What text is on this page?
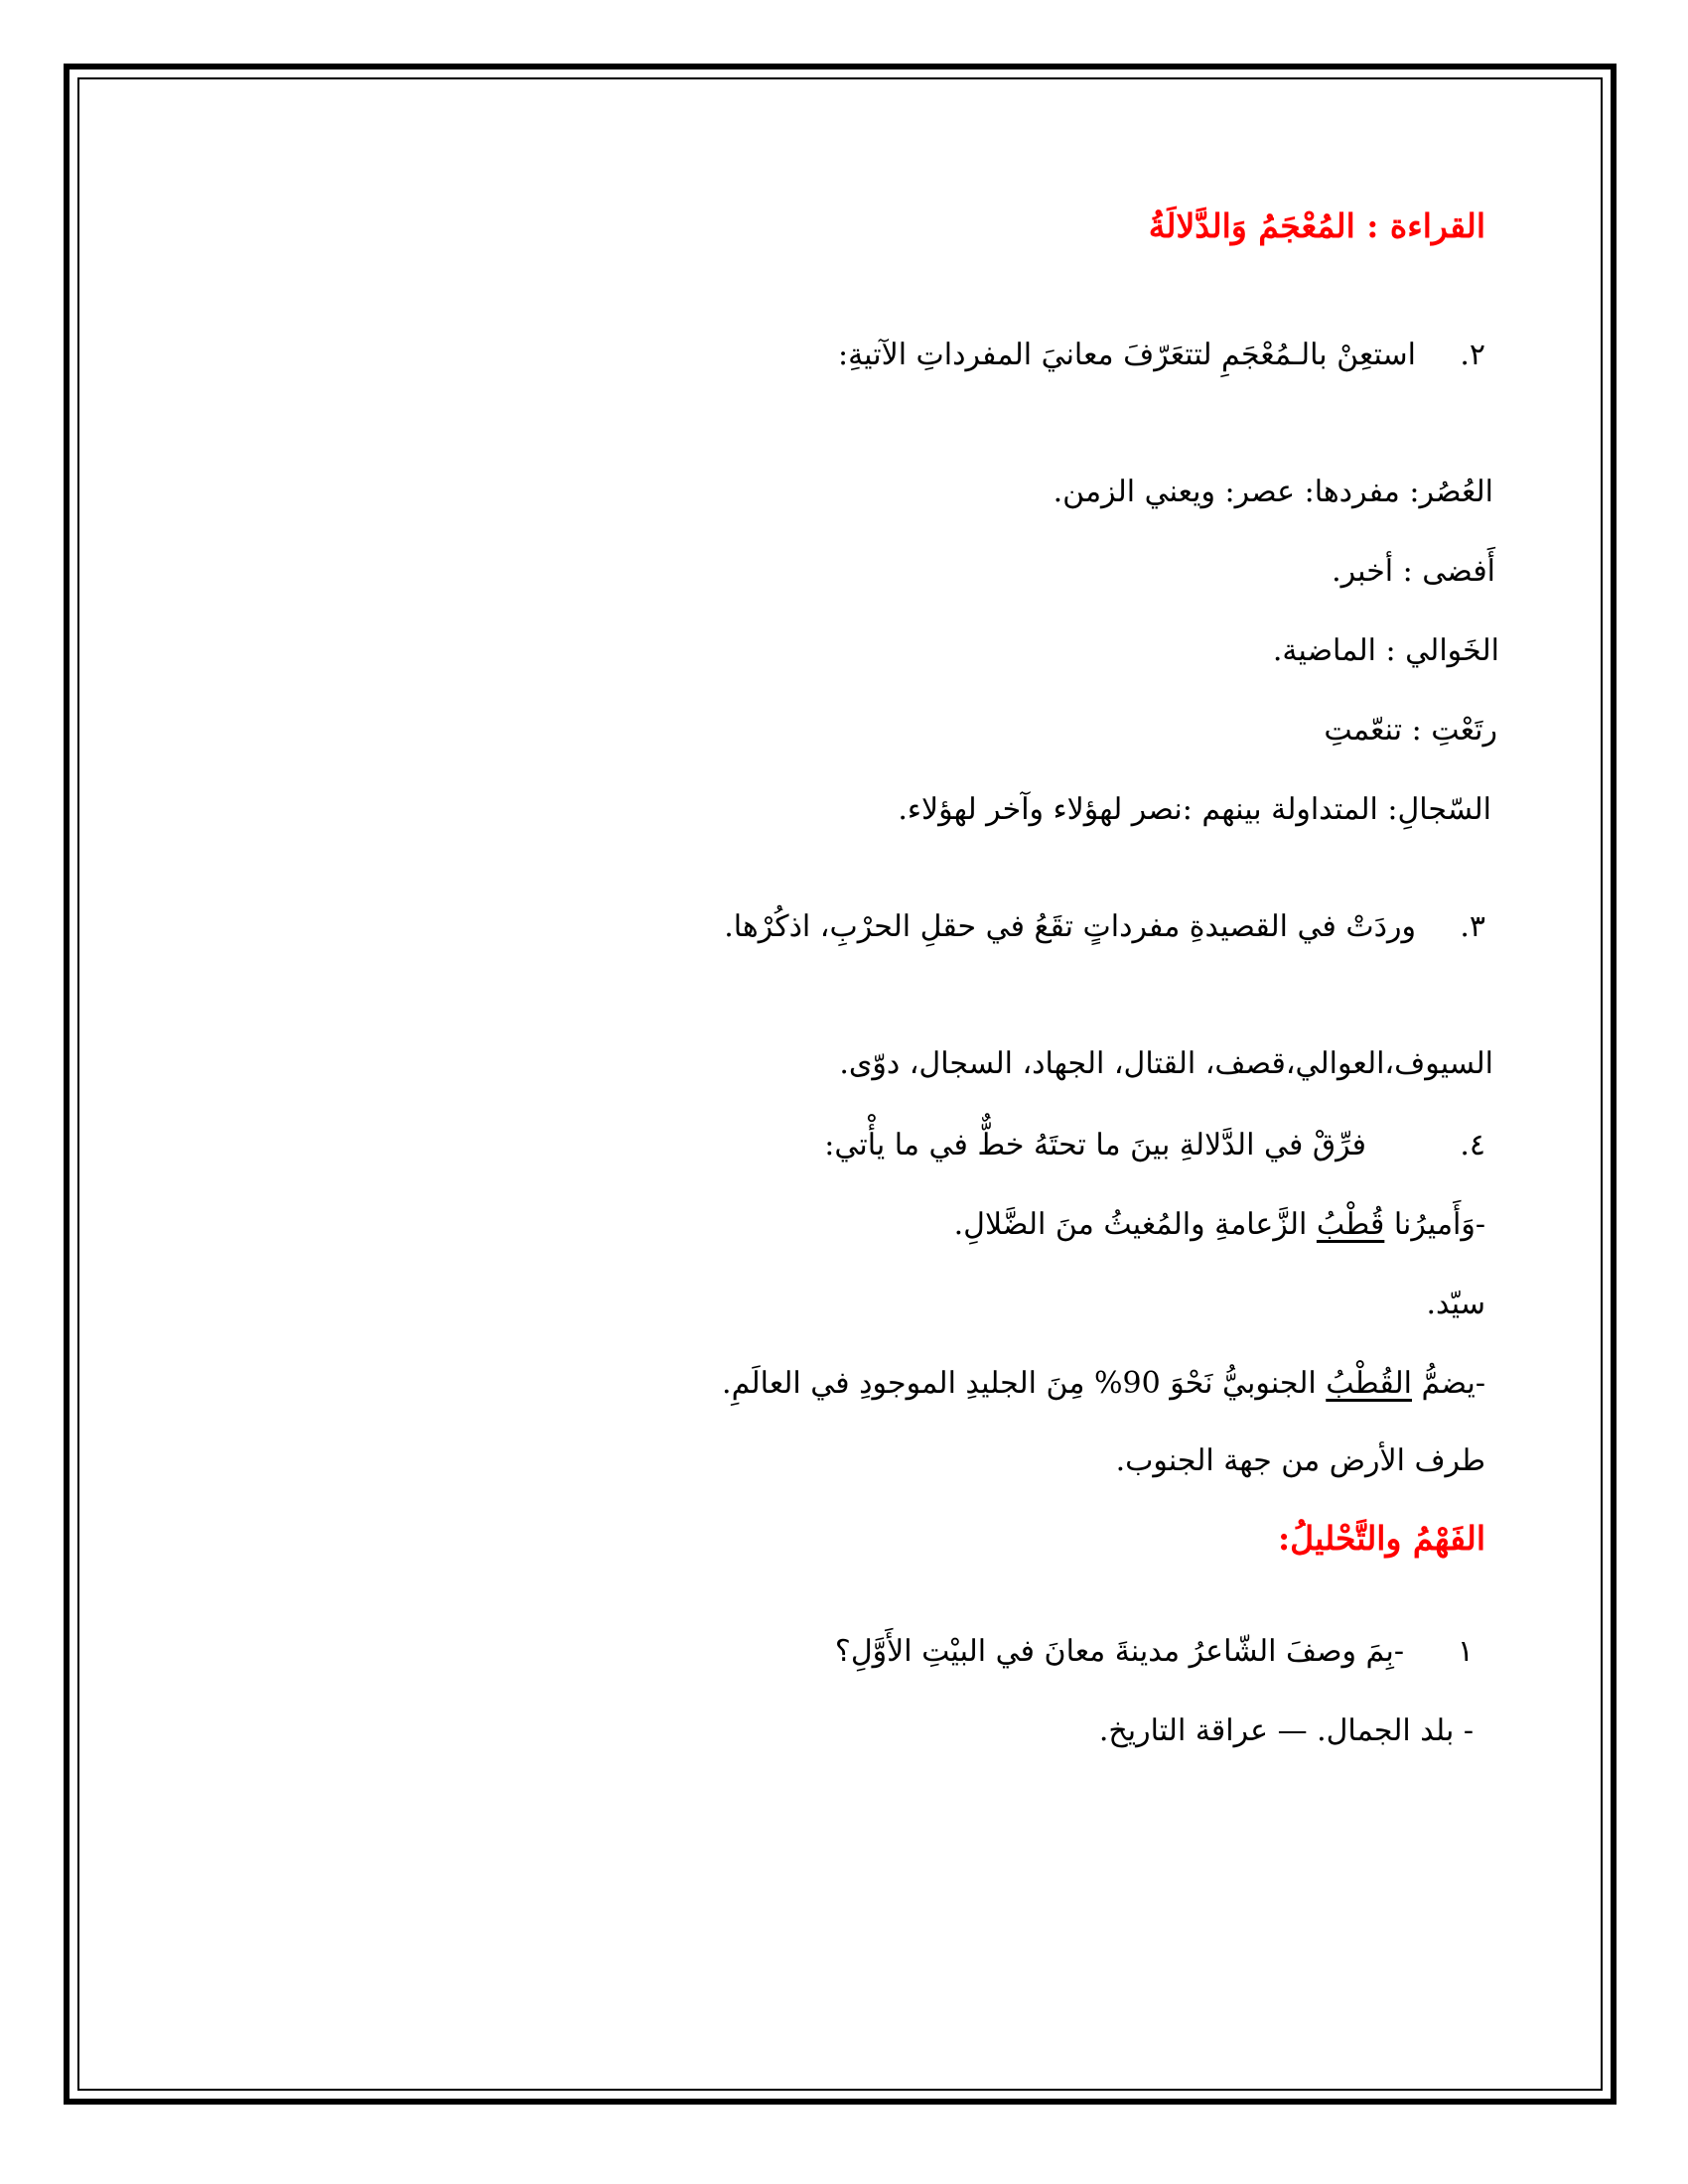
القراءة : المُعْجَمُ وَالدَّلالَةُ
٢.استعِنْ بالـمُعْجَمِ لتتعَرّفَ معانيَ المفرداتِ الآتيةِ:
العُصُر: مفردها: عصر: ويعني الزمن.
أَفضى : أخبر.
الخَوالي : الماضية.
رتَعْتِ : تنعّمتِ
السّجالِ: المتداولة بينهم :نصر لهؤلاء وآخر لهؤلاء.
٣.وردَتْ في القصيدةِ مفرداتٍ تقَعُ في حقلِ الحرْبِ، اذكُرْها.
السيوف،العوالي،قصف، القتال، الجهاد، السجال، دوّى.
٤.فرِّقْ في الدَّلالةِ بينَ ما تحتَهُ خطٌّ في ما يأْتي:
-وَأَميرُنا قُطْبُ الزَّعامةِ والمُغيثُ منَ الضَّلالِ.
سيّد.
-يضمُّ القُطْبُ الجنوبيُّ نَحْوَ 90% مِنَ الجليدِ الموجودِ في العالَمِ.
طرف الأرض من جهة الجنوب.
الفَهْمُ والتَّحْليلُ:
١-بِمَ وصفَ الشّاعرُ مدينةَ معانَ في البيْتِ الأَوَّلِ؟
- بلد الجمال. — عراقة التاريخ.
